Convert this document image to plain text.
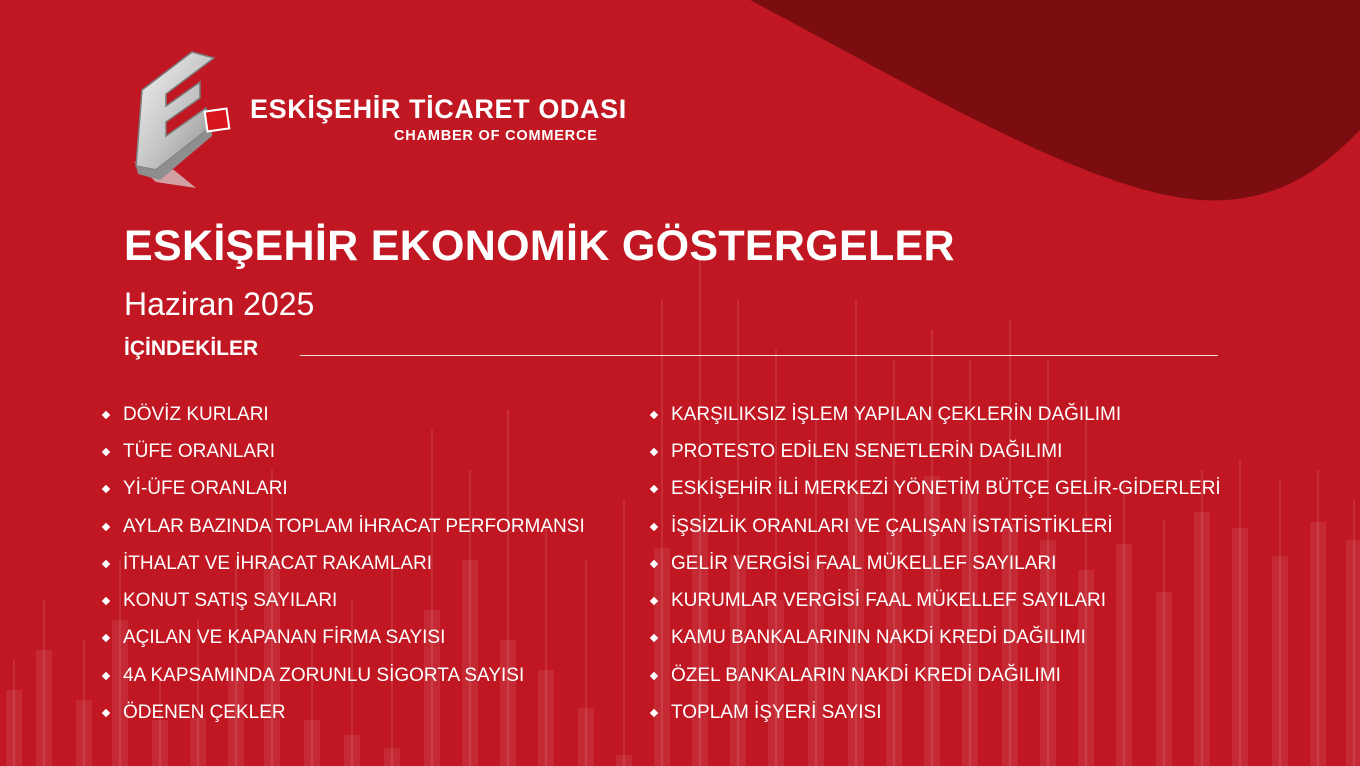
ESKİŞEHİR TİCARET ODASI
CHAMBER OF COMMERCE
ESKİŞEHİR EKONOMİK GÖSTERGELER
Haziran 2025
İÇİNDEKİLER
DÖVİZ KURLARI
TÜFE ORANLARI
Yİ-ÜFE ORANLARI
AYLAR BAZINDA TOPLAM İHRACAT PERFORMANSI
İTHALAT VE İHRACAT RAKAMLARI
KONUT SATIŞ SAYILARI
AÇILAN VE KAPANAN FİRMA SAYISI
4A KAPSAMINDA ZORUNLU SİGORTA SAYISI
ÖDENEN ÇEKLER
KARŞILIKSIZ İŞLEM YAPILAN ÇEKLERİN DAĞILIMI
PROTESTO EDİLEN SENETLERİN DAĞILIMI
ESKİŞEHİR İLİ MERKEZİ YÖNETİM BÜTÇE GELİR-GİDERLERİ
İŞSİZLİK ORANLARI VE ÇALIŞAN İSTATİSTİKLERİ
GELİR VERGİSİ FAAL MÜKELLEF SAYILARI
KURUMLAR VERGİSİ FAAL MÜKELLEF SAYILARI
KAMU BANKALARININ NAKDİ KREDİ DAĞILIMI
ÖZEL BANKALARIN NAKDİ KREDİ DAĞILIMI
TOPLAM İŞYERİ SAYISI
